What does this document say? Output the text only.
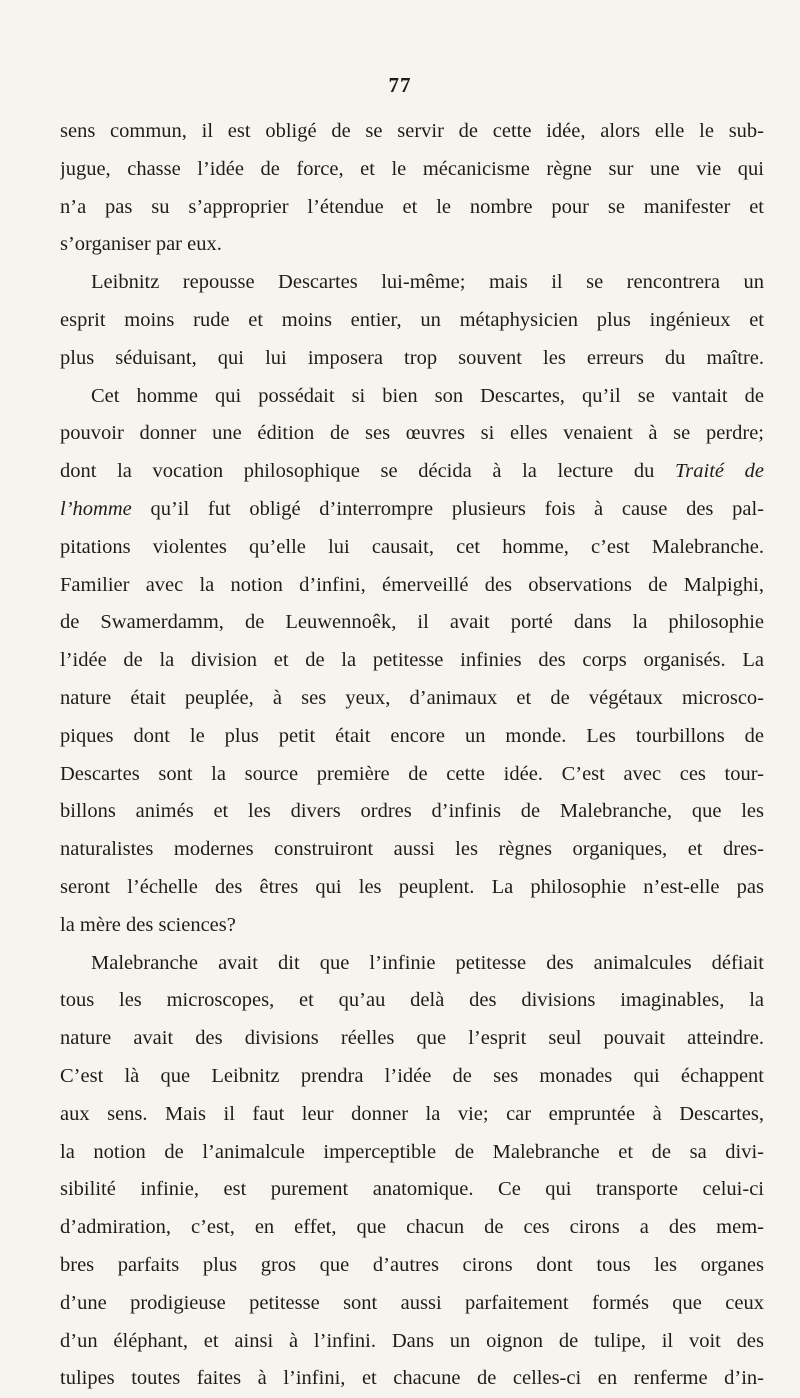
77
sens commun, il est obligé de se servir de cette idée, alors elle le sub-
jugue, chasse l’idée de force, et le mécanicisme règne sur une vie qui
n’a pas su s’approprier l’étendue et le nombre pour se manifester et
s’organiser par eux.
Leibnitz repousse Descartes lui-même; mais il se rencontrera un
esprit moins rude et moins entier, un métaphysicien plus ingénieux et
plus séduisant, qui lui imposera trop souvent les erreurs du maître.
Cet homme qui possédait si bien son Descartes, qu’il se vantait de
pouvoir donner une édition de ses œuvres si elles venaient à se perdre;
dont la vocation philosophique se décida à la lecture du Traité de
l’homme qu’il fut obligé d’interrompre plusieurs fois à cause des pal-
pitations violentes qu’elle lui causait, cet homme, c’est Malebranche.
Familier avec la notion d’infini, émerveillé des observations de Malpighi,
de Swamerdamm, de Leuwennoêk, il avait porté dans la philosophie
l’idée de la division et de la petitesse infinies des corps organisés. La
nature était peuplée, à ses yeux, d’animaux et de végétaux microsco-
piques dont le plus petit était encore un monde. Les tourbillons de
Descartes sont la source première de cette idée. C’est avec ces tour-
billons animés et les divers ordres d’infinis de Malebranche, que les
naturalistes modernes construiront aussi les règnes organiques, et dres-
seront l’échelle des êtres qui les peuplent. La philosophie n’est-elle pas
la mère des sciences?
Malebranche avait dit que l’infinie petitesse des animalcules défiait
tous les microscopes, et qu’au delà des divisions imaginables, la
nature avait des divisions réelles que l’esprit seul pouvait atteindre.
C’est là que Leibnitz prendra l’idée de ses monades qui échappent
aux sens. Mais il faut leur donner la vie; car empruntée à Descartes,
la notion de l’animalcule imperceptible de Malebranche et de sa divi-
sibilité infinie, est purement anatomique. Ce qui transporte celui-ci
d’admiration, c’est, en effet, que chacun de ces cirons a des mem-
bres parfaits plus gros que d’autres cirons dont tous les organes
d’une prodigieuse petitesse sont aussi parfaitement formés que ceux
d’un éléphant, et ainsi à l’infini. Dans un oignon de tulipe, il voit des
tulipes toutes faites à l’infini, et chacune de celles-ci en renferme d’in-
